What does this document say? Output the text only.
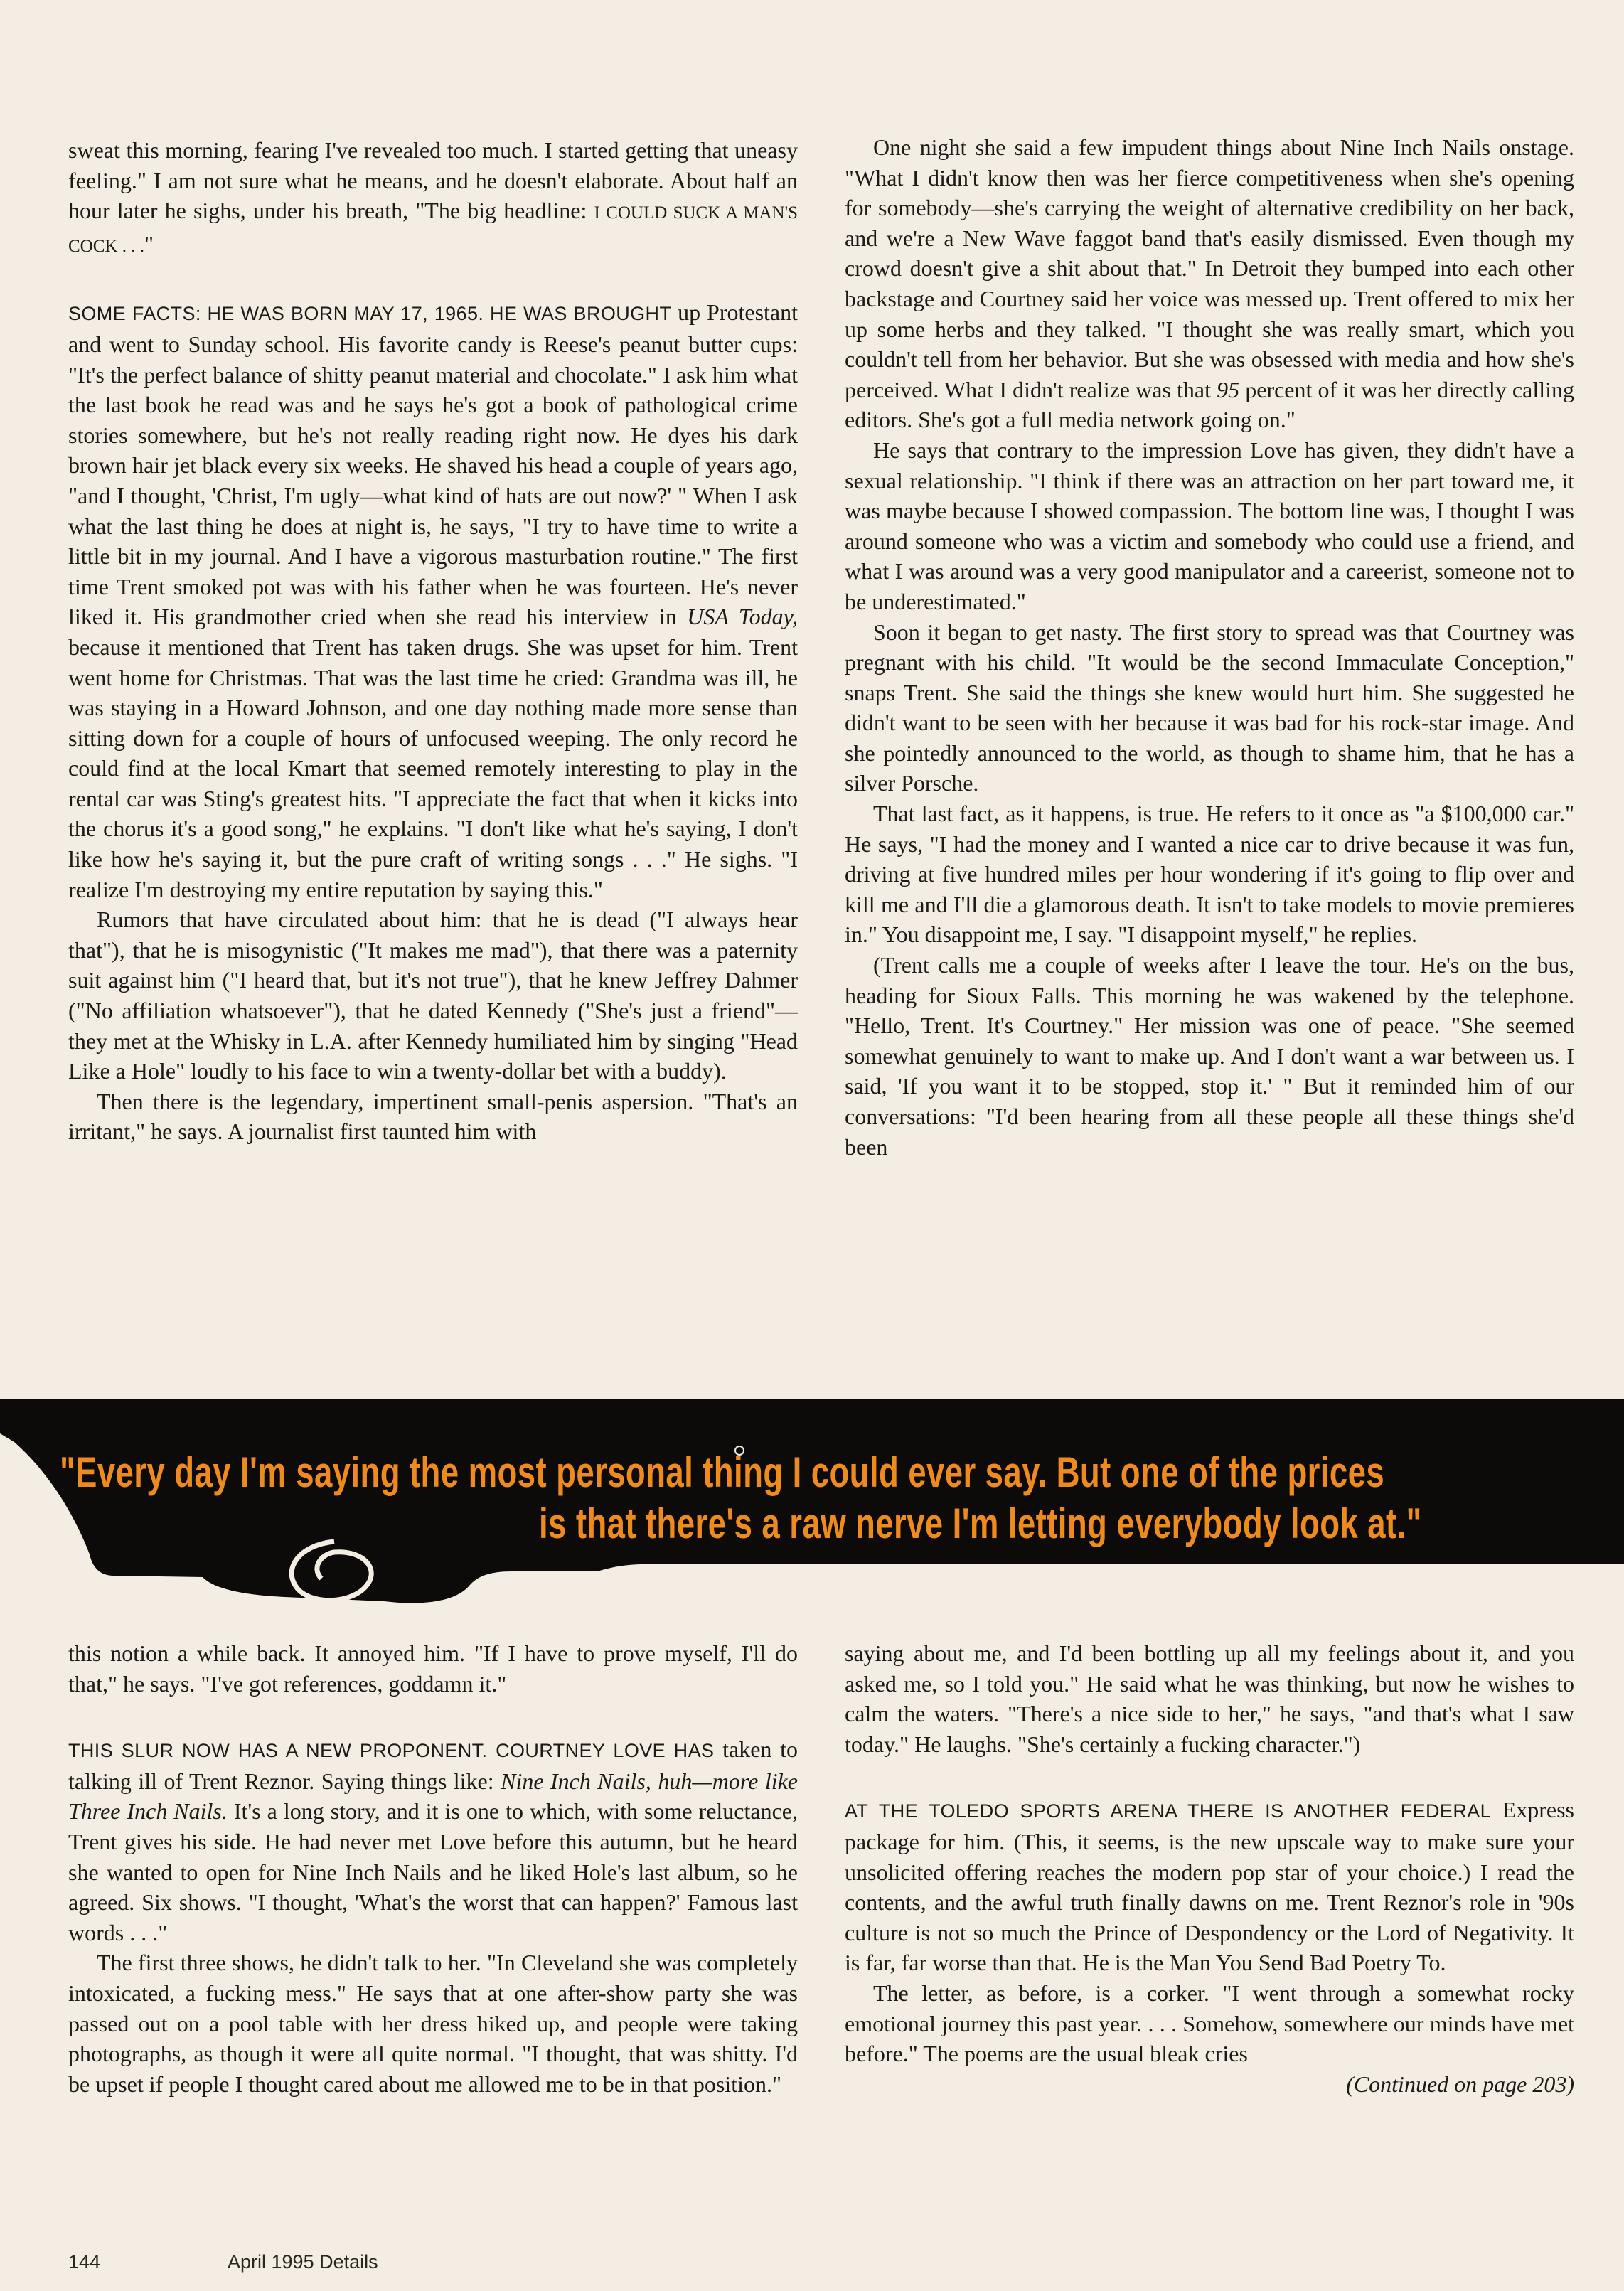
sweat this morning, fearing I've revealed too much. I started getting that uneasy feeling." I am not sure what he means, and he doesn't elaborate. About half an hour later he sighs, under his breath, "The big headline: I COULD SUCK A MAN'S COCK . . ."

SOME FACTS: HE WAS BORN MAY 17, 1965. HE WAS BROUGHT up Protestant and went to Sunday school. His favorite candy is Reese's peanut butter cups: "It's the perfect balance of shitty peanut material and chocolate." I ask him what the last book he read was and he says he's got a book of pathological crime stories somewhere, but he's not really reading right now. He dyes his dark brown hair jet black every six weeks. He shaved his head a couple of years ago, "and I thought, 'Christ, I'm ugly—what kind of hats are out now?' " When I ask what the last thing he does at night is, he says, "I try to have time to write a little bit in my journal. And I have a vigorous masturbation routine." The first time Trent smoked pot was with his father when he was fourteen. He's never liked it. His grandmother cried when she read his interview in USA Today, because it mentioned that Trent has taken drugs. She was upset for him. Trent went home for Christmas. That was the last time he cried: Grandma was ill, he was staying in a Howard Johnson, and one day nothing made more sense than sitting down for a couple of hours of unfocused weeping. The only record he could find at the local Kmart that seemed remotely interesting to play in the rental car was Sting's greatest hits. "I appreciate the fact that when it kicks into the chorus it's a good song," he explains. "I don't like what he's saying, I don't like how he's saying it, but the pure craft of writing songs . . ." He sighs. "I realize I'm destroying my entire reputation by saying this."

Rumors that have circulated about him: that he is dead ("I always hear that"), that he is misogynistic ("It makes me mad"), that there was a paternity suit against him ("I heard that, but it's not true"), that he knew Jeffrey Dahmer ("No affiliation whatsoever"), that he dated Kennedy ("She's just a friend"—they met at the Whisky in L.A. after Kennedy humiliated him by singing "Head Like a Hole" loudly to his face to win a twenty-dollar bet with a buddy).

Then there is the legendary, impertinent small-penis aspersion. "That's an irritant," he says. A journalist first taunted him with

One night she said a few impudent things about Nine Inch Nails onstage. "What I didn't know then was her fierce competitiveness when she's opening for somebody—she's carrying the weight of alternative credibility on her back, and we're a New Wave faggot band that's easily dismissed. Even though my crowd doesn't give a shit about that." In Detroit they bumped into each other backstage and Courtney said her voice was messed up. Trent offered to mix her up some herbs and they talked. "I thought she was really smart, which you couldn't tell from her behavior. But she was obsessed with media and how she's perceived. What I didn't realize was that 95 percent of it was her directly calling editors. She's got a full media network going on."

He says that contrary to the impression Love has given, they didn't have a sexual relationship. "I think if there was an attraction on her part toward me, it was maybe because I showed compassion. The bottom line was, I thought I was around someone who was a victim and somebody who could use a friend, and what I was around was a very good manipulator and a careerist, someone not to be underestimated."

Soon it began to get nasty. The first story to spread was that Courtney was pregnant with his child. "It would be the second Immaculate Conception," snaps Trent. She said the things she knew would hurt him. She suggested he didn't want to be seen with her because it was bad for his rock-star image. And she pointedly announced to the world, as though to shame him, that he has a silver Porsche.

That last fact, as it happens, is true. He refers to it once as "a $100,000 car." He says, "I had the money and I wanted a nice car to drive because it was fun, driving at five hundred miles per hour wondering if it's going to flip over and kill me and I'll die a glamorous death. It isn't to take models to movie premieres in." You disappoint me, I say. "I disappoint myself," he replies.

(Trent calls me a couple of weeks after I leave the tour. He's on the bus, heading for Sioux Falls. This morning he was wakened by the telephone. "Hello, Trent. It's Courtney." Her mission was one of peace. "She seemed somewhat genuinely to want to make up. And I don't want a war between us. I said, 'If you want it to be stopped, stop it.' " But it reminded him of our conversations: "I'd been hearing from all these people all these things she'd been

"Every day I'm saying the most personal thing I could ever say. But one of the prices
is that there's a raw nerve I'm letting everybody look at."

this notion a while back. It annoyed him. "If I have to prove myself, I'll do that," he says. "I've got references, goddamn it."

THIS SLUR NOW HAS A NEW PROPONENT. COURTNEY LOVE HAS taken to talking ill of Trent Reznor. Saying things like: Nine Inch Nails, huh—more like Three Inch Nails. It's a long story, and it is one to which, with some reluctance, Trent gives his side. He had never met Love before this autumn, but he heard she wanted to open for Nine Inch Nails and he liked Hole's last album, so he agreed. Six shows. "I thought, 'What's the worst that can happen?' Famous last words . . ."

The first three shows, he didn't talk to her. "In Cleveland she was completely intoxicated, a fucking mess." He says that at one after-show party she was passed out on a pool table with her dress hiked up, and people were taking photographs, as though it were all quite normal. "I thought, that was shitty. I'd be upset if people I thought cared about me allowed me to be in that position."

saying about me, and I'd been bottling up all my feelings about it, and you asked me, so I told you." He said what he was thinking, but now he wishes to calm the waters. "There's a nice side to her," he says, "and that's what I saw today." He laughs. "She's certainly a fucking character.")

AT THE TOLEDO SPORTS ARENA THERE IS ANOTHER FEDERAL Express package for him. (This, it seems, is the new upscale way to make sure your unsolicited offering reaches the modern pop star of your choice.) I read the contents, and the awful truth finally dawns on me. Trent Reznor's role in '90s culture is not so much the Prince of Despondency or the Lord of Negativity. It is far, far worse than that. He is the Man You Send Bad Poetry To.

The letter, as before, is a corker. "I went through a somewhat rocky emotional journey this past year. . . . Somehow, somewhere our minds have met before." The poems are the usual bleak cries

(Continued on page 203)

144	April 1995 Details
